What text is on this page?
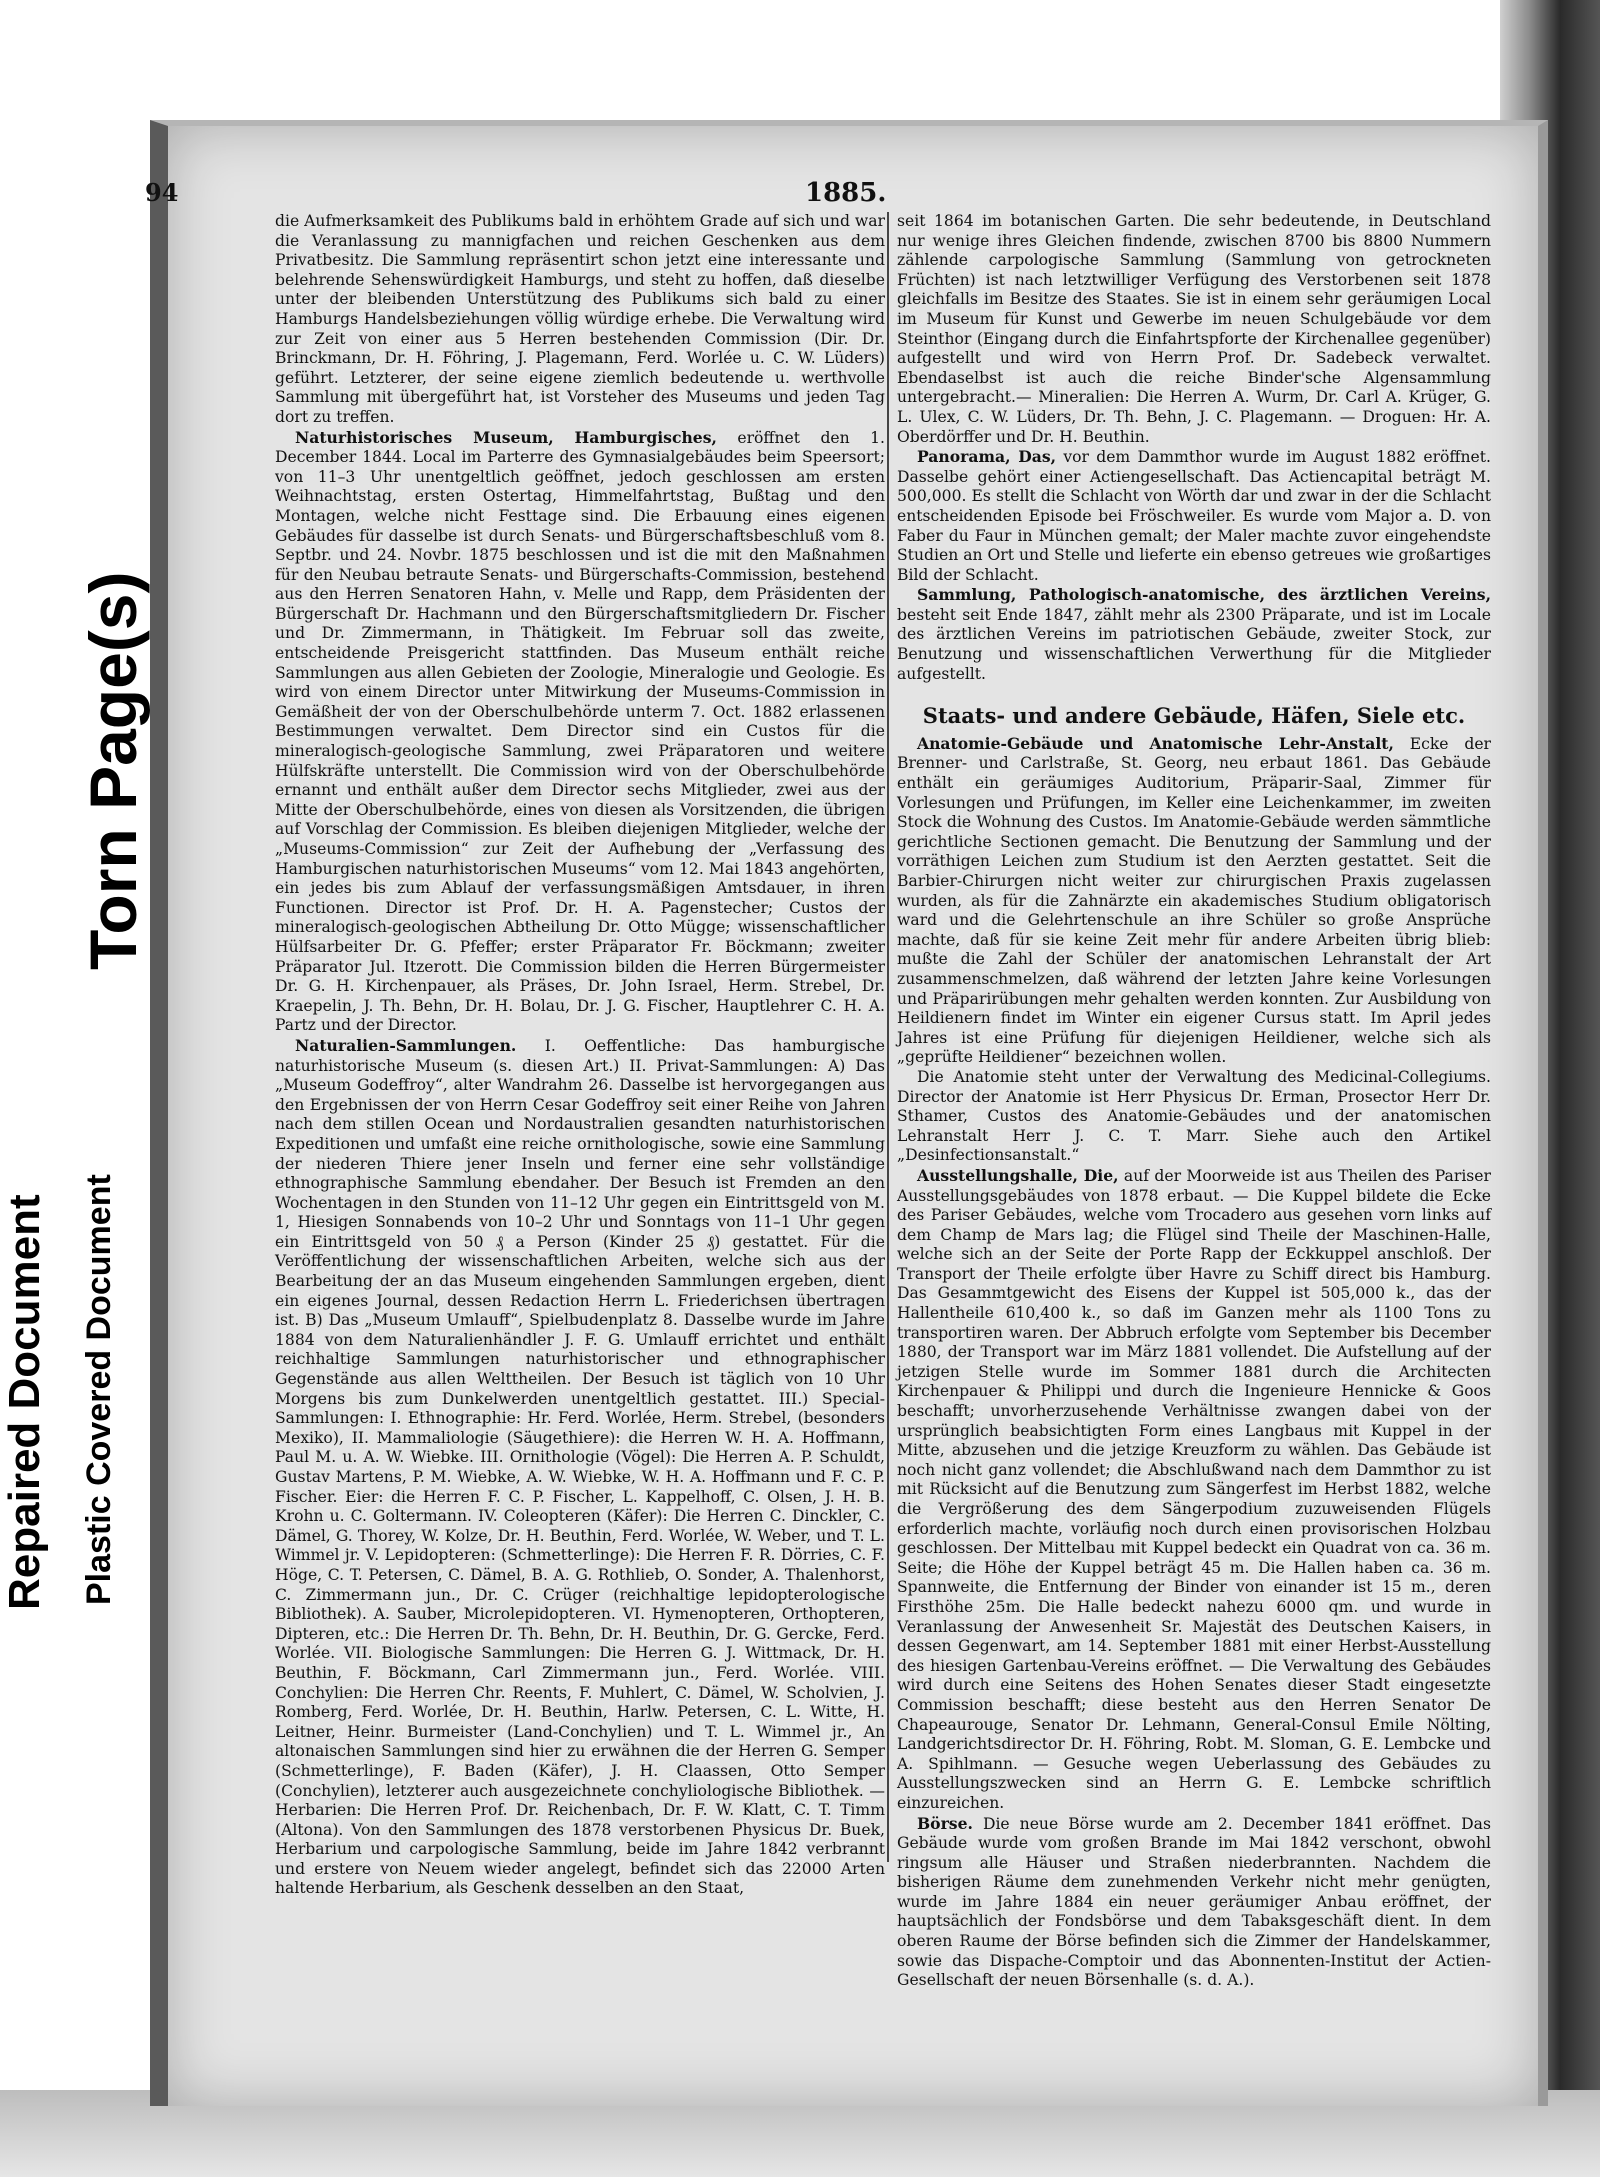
Torn Page(s)
Repaired Document Plastic Covered Document
94	1885.

die Aufmerksamkeit des Publikums bald in erhöhtem Grade auf sich und war die Veranlassung zu mannigfachen und reichen Geschenken aus dem Privatbesitz. Die Sammlung repräsentirt schon jetzt eine interessante und belehrende Sehenswürdigkeit Hamburgs, und steht zu hoffen, daß dieselbe unter der bleibenden Unterstützung des Publikums sich bald zu einer Hamburgs Handelsbeziehungen völlig würdige erhebe. Die Verwaltung wird zur Zeit von einer aus 5 Herren bestehenden Commission (Dir. Dr. Brinckmann, Dr. H. Föhring, J. Plagemann, Ferd. Worlée u. C. W. Lüders) geführt. Letzterer, der seine eigene ziemlich bedeutende u. werthvolle Sammlung mit übergeführt hat, ist Vorsteher des Museums und jeden Tag dort zu treffen.

Naturhistorisches Museum, Hamburgisches, eröffnet den 1. December 1844. Local im Parterre des Gymnasialgebäudes beim Speersort; von 11–3 Uhr unentgeltlich geöffnet, jedoch geschlossen am ersten Weihnachtstag, ersten Ostertag, Himmelfahrtstag, Bußtag und den Montagen, welche nicht Festtage sind. Die Erbauung eines eigenen Gebäudes für dasselbe ist durch Senats- und Bürgerschaftsbeschluß vom 8. Septbr. und 24. Novbr. 1875 beschlossen und ist die mit den Maßnahmen für den Neubau betraute Senats- und Bürgerschafts-Commission, bestehend aus den Herren Senatoren Hahn, v. Melle und Rapp, dem Präsidenten der Bürgerschaft Dr. Hachmann und den Bürgerschaftsmitgliedern Dr. Fischer und Dr. Zimmermann, in Thätigkeit. Im Februar soll das zweite, entscheidende Preisgericht stattfinden. Das Museum enthält reiche Sammlungen aus allen Gebieten der Zoologie, Mineralogie und Geologie. Es wird von einem Director unter Mitwirkung der Museums-Commission in Gemäßheit der von der Oberschulbehörde unterm 7. Oct. 1882 erlassenen Bestimmungen verwaltet. Dem Director sind ein Custos für die mineralogisch-geologische Sammlung, zwei Präparatoren und weitere Hülfskräfte unterstellt. Die Commission wird von der Oberschulbehörde ernannt und enthält außer dem Director sechs Mitglieder, zwei aus der Mitte der Oberschulbehörde, eines von diesen als Vorsitzenden, die übrigen auf Vorschlag der Commission. Es bleiben diejenigen Mitglieder, welche der „Museums-Commission“ zur Zeit der Aufhebung der „Verfassung des Hamburgischen naturhistorischen Museums“ vom 12. Mai 1843 angehörten, ein jedes bis zum Ablauf der verfassungsmäßigen Amtsdauer, in ihren Functionen. Director ist Prof. Dr. H. A. Pagenstecher; Custos der mineralogisch-geologischen Abtheilung Dr. Otto Mügge; wissenschaftlicher Hülfsarbeiter Dr. G. Pfeffer; erster Präparator Fr. Böckmann; zweiter Präparator Jul. Itzerott. Die Commission bilden die Herren Bürgermeister Dr. G. H. Kirchenpauer, als Präses, Dr. John Israel, Herm. Strebel, Dr. Kraepelin, J. Th. Behn, Dr. H. Bolau, Dr. J. G. Fischer, Hauptlehrer C. H. A. Partz und der Director.

Naturalien-Sammlungen. I. Oeffentliche: Das hamburgische naturhistorische Museum (s. diesen Art.) II. Privat-Sammlungen: A) Das „Museum Godeffroy“, alter Wandrahm 26. Dasselbe ist hervorgegangen aus den Ergebnissen der von Herrn Cesar Godeffroy seit einer Reihe von Jahren nach dem stillen Ocean und Nordaustralien gesandten naturhistorischen Expeditionen und umfaßt eine reiche ornithologische, sowie eine Sammlung der niederen Thiere jener Inseln und ferner eine sehr vollständige ethnographische Sammlung ebendaher. Der Besuch ist Fremden an den Wochentagen in den Stunden von 11–12 Uhr gegen ein Eintrittsgeld von M. 1, Hiesigen Sonnabends von 10–2 Uhr und Sonntags von 11–1 Uhr gegen ein Eintrittsgeld von 50 ₰ a Person (Kinder 25 ₰) gestattet. Für die Veröffentlichung der wissenschaftlichen Arbeiten, welche sich aus der Bearbeitung der an das Museum eingehenden Sammlungen ergeben, dient ein eigenes Journal, dessen Redaction Herrn L. Friederichsen übertragen ist. B) Das „Museum Umlauff“, Spielbudenplatz 8. Dasselbe wurde im Jahre 1884 von dem Naturalienhändler J. F. G. Umlauff errichtet und enthält reichhaltige Sammlungen naturhistorischer und ethnographischer Gegenstände aus allen Welttheilen. Der Besuch ist täglich von 10 Uhr Morgens bis zum Dunkelwerden unentgeltlich gestattet. III.) Special-Sammlungen: I. Ethnographie: Hr. Ferd. Worlée, Herm. Strebel, (besonders Mexiko), II. Mammaliologie (Säugethiere): die Herren W. H. A. Hoffmann, Paul M. u. A. W. Wiebke. III. Ornithologie (Vögel): Die Herren A. P. Schuldt, Gustav Martens, P. M. Wiebke, A. W. Wiebke, W. H. A. Hoffmann und F. C. P. Fischer. Eier: die Herren F. C. P. Fischer, L. Kappelhoff, C. Olsen, J. H. B. Krohn u. C. Goltermann. IV. Coleopteren (Käfer): Die Herren C. Dinckler, C. Dämel, G. Thorey, W. Kolze, Dr. H. Beuthin, Ferd. Worlée, W. Weber, und T. L. Wimmel jr. V. Lepidopteren: (Schmetterlinge): Die Herren F. R. Dörries, C. F. Höge, C. T. Petersen, C. Dämel, B. A. G. Rothlieb, O. Sonder, A. Thalenhorst, C. Zimmermann jun., Dr. C. Crüger (reichhaltige lepidopterologische Bibliothek). A. Sauber, Microlepidopteren. VI. Hymenopteren, Orthopteren, Dipteren, etc.: Die Herren Dr. Th. Behn, Dr. H. Beuthin, Dr. G. Gercke, Ferd. Worlée. VII. Biologische Sammlungen: Die Herren G. J. Wittmack, Dr. H. Beuthin, F. Böckmann, Carl Zimmermann jun., Ferd. Worlée. VIII. Conchylien: Die Herren Chr. Reents, F. Muhlert, C. Dämel, W. Scholvien, J. Romberg, Ferd. Worlée, Dr. H. Beuthin, Harlw. Petersen, C. L. Witte, H. Leitner, Heinr. Burmeister (Land-Conchylien) und T. L. Wimmel jr., An altonaischen Sammlungen sind hier zu erwähnen die der Herren G. Semper (Schmetterlinge), F. Baden (Käfer), J. H. Claassen, Otto Semper (Conchylien), letzterer auch ausgezeichnete conchyliologische Bibliothek. — Herbarien: Die Herren Prof. Dr. Reichenbach, Dr. F. W. Klatt, C. T. Timm (Altona). Von den Sammlungen des 1878 verstorbenen Physicus Dr. Buek, Herbarium und carpologische Sammlung, beide im Jahre 1842 verbrannt und erstere von Neuem wieder angelegt, befindet sich das 22000 Arten haltende Herbarium, als Geschenk desselben an den Staat,

seit 1864 im botanischen Garten. Die sehr bedeutende, in Deutschland nur wenige ihres Gleichen findende, zwischen 8700 bis 8800 Nummern zählende carpologische Sammlung (Sammlung von getrockneten Früchten) ist nach letztwilliger Verfügung des Verstorbenen seit 1878 gleichfalls im Besitze des Staates. Sie ist in einem sehr geräumigen Local im Museum für Kunst und Gewerbe im neuen Schulgebäude vor dem Steinthor (Eingang durch die Einfahrtspforte der Kirchenallee gegenüber) aufgestellt und wird von Herrn Prof. Dr. Sadebeck verwaltet. Ebendaselbst ist auch die reiche Binder'sche Algensammlung untergebracht.— Mineralien: Die Herren A. Wurm, Dr. Carl A. Krüger, G. L. Ulex, C. W. Lüders, Dr. Th. Behn, J. C. Plagemann. — Droguen: Hr. A. Oberdörffer und Dr. H. Beuthin.

Panorama, Das, vor dem Dammthor wurde im August 1882 eröffnet. Dasselbe gehört einer Actiengesellschaft. Das Actiencapital beträgt M. 500,000. Es stellt die Schlacht von Wörth dar und zwar in der die Schlacht entscheidenden Episode bei Fröschweiler. Es wurde vom Major a. D. von Faber du Faur in München gemalt; der Maler machte zuvor eingehendste Studien an Ort und Stelle und lieferte ein ebenso getreues wie großartiges Bild der Schlacht.

Sammlung, Pathologisch-anatomische, des ärztlichen Vereins, besteht seit Ende 1847, zählt mehr als 2300 Präparate, und ist im Locale des ärztlichen Vereins im patriotischen Gebäude, zweiter Stock, zur Benutzung und wissenschaftlichen Verwerthung für die Mitglieder aufgestellt.

Staats- und andere Gebäude, Häfen, Siele etc.

Anatomie-Gebäude und Anatomische Lehr-Anstalt, Ecke der Brenner- und Carlstraße, St. Georg, neu erbaut 1861. Das Gebäude enthält ein geräumiges Auditorium, Präparir-Saal, Zimmer für Vorlesungen und Prüfungen, im Keller eine Leichenkammer, im zweiten Stock die Wohnung des Custos. Im Anatomie-Gebäude werden sämmtliche gerichtliche Sectionen gemacht. Die Benutzung der Sammlung und der vorräthigen Leichen zum Studium ist den Aerzten gestattet. Seit die Barbier-Chirurgen nicht weiter zur chirurgischen Praxis zugelassen wurden, als für die Zahnärzte ein akademisches Studium obligatorisch ward und die Gelehrtenschule an ihre Schüler so große Ansprüche machte, daß für sie keine Zeit mehr für andere Arbeiten übrig blieb: mußte die Zahl der Schüler der anatomischen Lehranstalt der Art zusammenschmelzen, daß während der letzten Jahre keine Vorlesungen und Präparirübungen mehr gehalten werden konnten. Zur Ausbildung von Heildienern findet im Winter ein eigener Cursus statt. Im April jedes Jahres ist eine Prüfung für diejenigen Heildiener, welche sich als „geprüfte Heildiener“ bezeichnen wollen.

Die Anatomie steht unter der Verwaltung des Medicinal-Collegiums. Director der Anatomie ist Herr Physicus Dr. Erman, Prosector Herr Dr. Sthamer, Custos des Anatomie-Gebäudes und der anatomischen Lehranstalt Herr J. C. T. Marr. Siehe auch den Artikel „Desinfectionsanstalt.“

Ausstellungshalle, Die, auf der Moorweide ist aus Theilen des Pariser Ausstellungsgebäudes von 1878 erbaut. — Die Kuppel bildete die Ecke des Pariser Gebäudes, welche vom Trocadero aus gesehen vorn links auf dem Champ de Mars lag; die Flügel sind Theile der Maschinen-Halle, welche sich an der Seite der Porte Rapp der Eckkuppel anschloß. Der Transport der Theile erfolgte über Havre zu Schiff direct bis Hamburg. Das Gesammtgewicht des Eisens der Kuppel ist 505,000 k., das der Hallentheile 610,400 k., so daß im Ganzen mehr als 1100 Tons zu transportiren waren. Der Abbruch erfolgte vom September bis December 1880, der Transport war im März 1881 vollendet. Die Aufstellung auf der jetzigen Stelle wurde im Sommer 1881 durch die Architecten Kirchenpauer & Philippi und durch die Ingenieure Hennicke & Goos beschafft; unvorherzusehende Verhältnisse zwangen dabei von der ursprünglich beabsichtigten Form eines Langbaus mit Kuppel in der Mitte, abzusehen und die jetzige Kreuzform zu wählen. Das Gebäude ist noch nicht ganz vollendet; die Abschlußwand nach dem Dammthor zu ist mit Rücksicht auf die Benutzung zum Sängerfest im Herbst 1882, welche die Vergrößerung des dem Sängerpodium zuzuweisenden Flügels erforderlich machte, vorläufig noch durch einen provisorischen Holzbau geschlossen. Der Mittelbau mit Kuppel bedeckt ein Quadrat von ca. 36 m. Seite; die Höhe der Kuppel beträgt 45 m. Die Hallen haben ca. 36 m. Spannweite, die Entfernung der Binder von einander ist 15 m., deren Firsthöhe 25m. Die Halle bedeckt nahezu 6000 qm. und wurde in Veranlassung der Anwesenheit Sr. Majestät des Deutschen Kaisers, in dessen Gegenwart, am 14. September 1881 mit einer Herbst-Ausstellung des hiesigen Gartenbau-Vereins eröffnet. — Die Verwaltung des Gebäudes wird durch eine Seitens des Hohen Senates dieser Stadt eingesetzte Commission beschafft; diese besteht aus den Herren Senator De Chapeaurouge, Senator Dr. Lehmann, General-Consul Emile Nölting, Landgerichtsdirector Dr. H. Föhring, Robt. M. Sloman, G. E. Lembcke und A. Spihlmann. — Gesuche wegen Ueberlassung des Gebäudes zu Ausstellungszwecken sind an Herrn G. E. Lembcke schriftlich einzureichen.

Börse. Die neue Börse wurde am 2. December 1841 eröffnet. Das Gebäude wurde vom großen Brande im Mai 1842 verschont, obwohl ringsum alle Häuser und Straßen niederbrannten. Nachdem die bisherigen Räume dem zunehmenden Verkehr nicht mehr genügten, wurde im Jahre 1884 ein neuer geräumiger Anbau eröffnet, der hauptsächlich der Fondsbörse und dem Tabaksgeschäft dient. In dem oberen Raume der Börse befinden sich die Zimmer der Handelskammer, sowie das Dispache-Comptoir und das Abonnenten-Institut der Actien-Gesellschaft der neuen Börsenhalle (s. d. A.).
